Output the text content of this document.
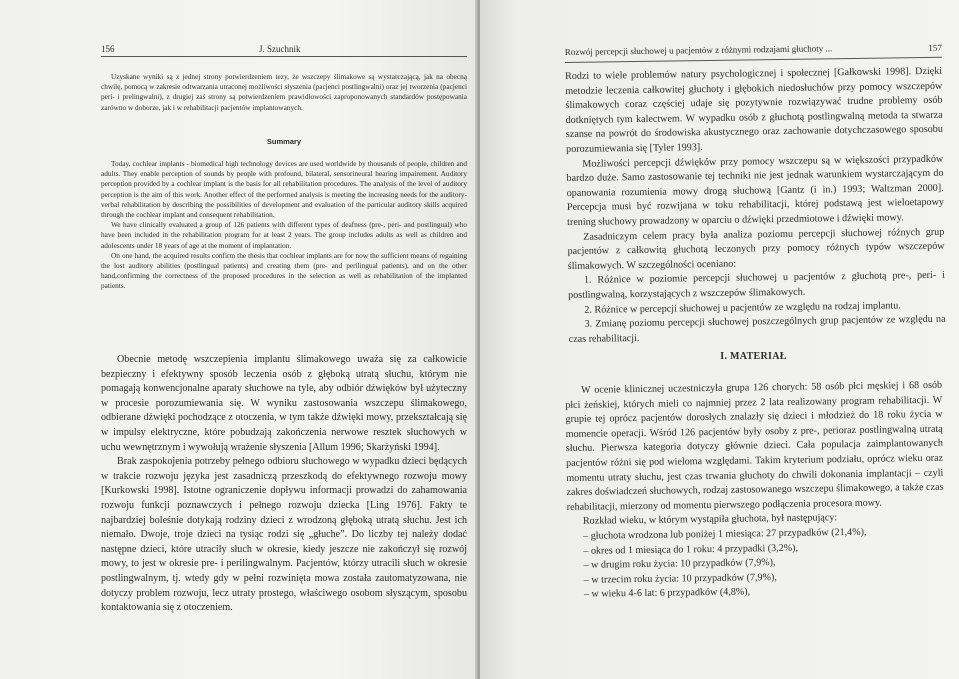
156	J. Szuchnik

Uzyskane wyniki są z jednej strony potwierdzeniem tezy, że wszczepy ślimakowe są wystarczającą, jak na obecną chwilę, pomocą w zakresie odtwarzania utraconej możliwości słyszenia (pacjenci postlingwalni) oraz jej tworzenia (pacjenci peri- i prelingwalni), z drugiej zaś strony są potwierdzeniem prawidłowości zaproponowanych standardów postępowania zarówno w doborze, jak i w rehabilitacji pacjentów implantowanych.

Summary

Today, cochlear implants - biomedical high technology devices are used worldwide by thousands of people, children and adults. They enable perception of sounds by people with profound, bilateral, sensorineural hearing impairement. Auditory perception provided by a cochlear implant is the basis for all rehabilitation procedures. The analysis of the level of auditory perception is the aim of this work. Another effect of the performed analysis is meeting the increasing needs for the auditory-verbal rehabilitation by describing the possibilities of development and evaluation of the particular auditory skills acquired through the cochlear implant and consequent rehabilitation.

We have clinically evaluated a group of 126 patients with different types of deafness (pre-, peri- and postlingual) who have been included in the rehabilitation program for at least 2 years. The group includes adults as well as children and adolescents under 18 years of age at the moment of implantation.

On one hand, the acquired results confirm the thesis that cochlear implants are for now the sufficient means of regaining the lost auditory abilities (postlingual patients) and creating them (pre- and perilingual patients), and on the other hand,confirming the correctness of the proposed procedures in the selection as well as rehabilitation of the implanted patients.

Obecnie metodę wszczepienia implantu ślimakowego uważa się za całkowicie bezpieczny i efektywny sposób leczenia osób z głęboką utratą słuchu, którym nie pomagają konwencjonalne aparaty słuchowe na tyle, aby odbiór dźwięków był użyteczny w procesie porozumiewania się. W wyniku zastosowania wszczepu ślimakowego, odbierane dźwięki pochodzące z otoczenia, w tym także dźwięki mowy, przekształcają się w impulsy elektryczne, które pobudzają zakończenia nerwowe resztek słuchowych w uchu wewnętrznym i wywołują wrażenie słyszenia [Allum 1996; Skarżyński 1994].

Brak zaspokojenia potrzeby pełnego odbioru słuchowego w wypadku dzieci będących w trakcie rozwoju języka jest zasadniczą przeszkodą do efektywnego rozwoju mowy [Kurkowski 1998]. Istotne ograniczenie dopływu informacji prowadzi do zahamowania rozwoju funkcji poznawczych i pełnego rozwoju dziecka [Ling 1976]. Fakty te najbardziej boleśnie dotykają rodziny dzieci z wrodzoną głęboką utratą słuchu. Jest ich niemało. Dwoje, troje dzieci na tysiąc rodzi się „głuche”. Do liczby tej należy dodać następne dzieci, które utraciły słuch w okresie, kiedy jeszcze nie zakończył się rozwój mowy, to jest w okresie pre- i perilingwalnym. Pacjentów, którzy utracili słuch w okresie postlingwalnym, tj. wtedy gdy w pełni rozwinięta mowa została zautomatyzowana, nie dotyczy problem rozwoju, lecz utraty prostego, właściwego osobom słyszącym, sposobu kontaktowania się z otoczeniem.

Rozwój percepcji słuchowej u pacjentów z różnymi rodzajami głuchoty ...	157

Rodzi to wiele problemów natury psychologicznej i społecznej [Gałkowski 1998]. Dzięki metodzie leczenia całkowitej głuchoty i głębokich niedosłuchów przy pomocy wszczepów ślimakowych coraz częściej udaje się pozytywnie rozwiązywać trudne problemy osób dotkniętych tym kalectwem. W wypadku osób z głuchotą postlingwalną metoda ta stwarza szanse na powrót do środowiska akustycznego oraz zachowanie dotychczasowego sposobu porozumiewania się [Tyler 1993].

Możliwości percepcji dźwięków przy pomocy wszczepu są w większości przypadków bardzo duże. Samo zastosowanie tej techniki nie jest jednak warunkiem wystarczającym do opanowania rozumienia mowy drogą słuchową [Gantz (i in.) 1993; Waltzman 2000]. Percepcja musi być rozwijana w toku rehabilitacji, której podstawą jest wieloetapowy trening słuchowy prowadzony w oparciu o dźwięki przedmiotowe i dźwięki mowy.

Zasadniczym celem pracy była analiza poziomu percepcji słuchowej różnych grup pacjentów z całkowitą głuchotą leczonych przy pomocy różnych typów wszczepów ślimakowych. W szczególności oceniano:

1. Różnice w poziomie percepcji słuchowej u pacjentów z głuchotą pre-, peri- i postlingwalną, korzystających z wszczepów ślimakowych.

2. Różnice w percepcji słuchowej u pacjentów ze względu na rodzaj implantu.

3. Zmianę poziomu percepcji słuchowej poszczególnych grup pacjentów ze względu na czas rehabilitacji.

I. MATERIAŁ

W ocenie klinicznej uczestniczyła grupa 126 chorych: 58 osób płci męskiej i 68 osób płci żeńskiej, których mieli co najmniej przez 2 lata realizowany program rehabilitacji. W grupie tej oprócz pacjentów dorosłych znalazły się dzieci i młodzież do 18 roku życia w momencie operacji. Wśród 126 pacjentów były osoby z pre-, perioraz postlingwalną utratą słuchu. Pierwsza kategoria dotyczy głównie dzieci. Cała populacja zaimplantowanych pacjentów różni się pod wieloma względami. Takim kryterium podziału, oprócz wieku oraz momentu utraty słuchu, jest czas trwania głuchoty do chwili dokonania implantacji – czyli zakres doświadczeń słuchowych, rodzaj zastosowanego wszczepu ślimakowego, a także czas rehabilitacji, mierzony od momentu pierwszego podłączenia procesora mowy.

Rozkład wieku, w którym wystąpiła głuchota, był następujący:

– głuchota wrodzona lub poniżej 1 miesiąca: 27 przypadków (21,4%),

– okres od 1 miesiąca do 1 roku: 4 przypadki (3,2%),

– w drugim roku życia: 10 przypadków (7,9%),

– w trzecim roku życia: 10 przypadków (7,9%),

– w wieku 4-6 lat: 6 przypadków (4,8%),
